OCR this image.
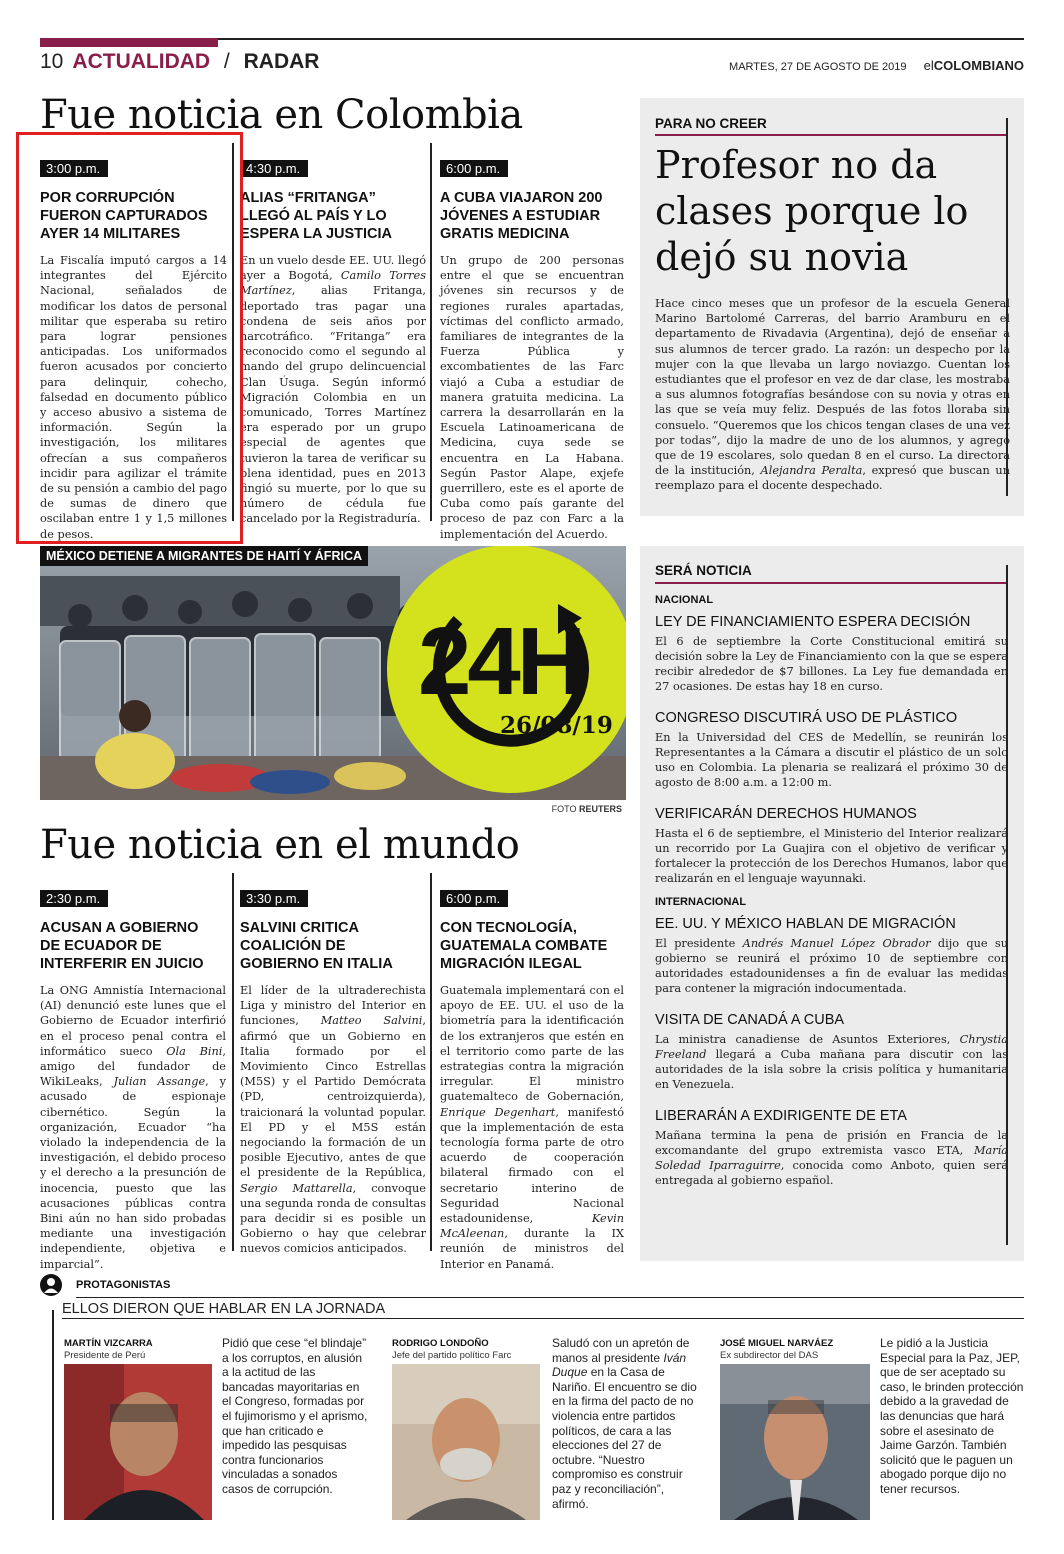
10 ACTUALIDAD / RADAR	MARTES, 27 DE AGOSTO DE 2019 elCOLOMBIANO
Fue noticia en Colombia
3:00 p.m.
POR CORRUPCIÓN
FUERON CAPTURADOS
AYER 14 MILITARES
La Fiscalía imputó cargos a 14 integrantes del Ejército Nacional, señalados de modificar los datos de personal militar que esperaba su retiro para lograr pensiones anticipadas. Los uniformados fueron acusados por concierto para delinquir, cohecho, falsedad en documento público y acceso abusivo a sistema de información. Según la investigación, los militares ofrecían a sus compañeros incidir para agilizar el trámite de su pensión a cambio del pago de sumas de dinero que oscilaban entre 1 y 1,5 millones de pesos.
4:30 p.m.
ALIAS “FRITANGA”
LLEGÓ AL PAÍS Y LO
ESPERA LA JUSTICIA
En un vuelo desde EE. UU. llegó ayer a Bogotá, Camilo Torres Martínez, alias Fritanga, deportado tras pagar una condena de seis años por narcotráfico. “Fritanga” era reconocido como el segundo al mando del grupo delincuencial Clan Úsuga. Según informó Migración Colombia en un comunicado, Torres Martínez era esperado por un grupo especial de agentes que tuvieron la tarea de verificar su plena identidad, pues en 2013 fingió su muerte, por lo que su número de cédula fue cancelado por la Registraduría.
6:00 p.m.
A CUBA VIAJARON 200
JÓVENES A ESTUDIAR
GRATIS MEDICINA
Un grupo de 200 personas entre el que se encuentran jóvenes sin recursos y de regiones rurales apartadas, víctimas del conflicto armado, familiares de integrantes de la Fuerza Pública y excombatientes de las Farc viajó a Cuba a estudiar de manera gratuita medicina. La carrera la desarrollarán en la Escuela Latinoamericana de Medicina, cuya sede se encuentra en La Habana. Según Pastor Alape, exjefe guerrillero, este es el aporte de Cuba como país garante del proceso de paz con Farc a la implementación del Acuerdo.
PARA NO CREER
Profesor no da clases porque lo dejó su novia
Hace cinco meses que un profesor de la escuela General Marino Bartolomé Carreras, del barrio Aramburu en el departamento de Rivadavia (Argentina), dejó de enseñar a sus alumnos de tercer grado. La razón: un despecho por la mujer con la que llevaba un largo noviazgo. Cuentan los estudiantes que el profesor en vez de dar clase, les mostraba a sus alumnos fotografías besándose con su novia y otras en las que se veía muy feliz. Después de las fotos lloraba sin consuelo. “Queremos que los chicos tengan clases de una vez por todas”, dijo la madre de uno de los alumnos, y agregó que de 19 escolares, solo quedan 8 en el curso. La directora de la institución, Alejandra Peralta, expresó que buscan un reemplazo para el docente despechado.
24H
26/08/19
MÉXICO DETIENE A MIGRANTES DE HAITÍ Y ÁFRICA
FOTO REUTERS
SERÁ NOTICIA
NACIONAL
LEY DE FINANCIAMIENTO ESPERA DECISIÓN
El 6 de septiembre la Corte Constitucional emitirá su decisión sobre la Ley de Financiamiento con la que se espera recibir alrededor de $7 billones. La Ley fue demandada en 27 ocasiones. De estas hay 18 en curso.
CONGRESO DISCUTIRÁ USO DE PLÁSTICO
En la Universidad del CES de Medellín, se reunirán los Representantes a la Cámara a discutir el plástico de un solo uso en Colombia. La plenaria se realizará el próximo 30 de agosto de 8:00 a.m. a 12:00 m.
VERIFICARÁN DERECHOS HUMANOS
Hasta el 6 de septiembre, el Ministerio del Interior realizará un recorrido por La Guajira con el objetivo de verificar y fortalecer la protección de los Derechos Humanos, labor que realizarán en el lenguaje wayunnaki.
INTERNACIONAL
EE. UU. Y MÉXICO HABLAN DE MIGRACIÓN
El presidente Andrés Manuel López Obrador dijo que su gobierno se reunirá el próximo 10 de septiembre con autoridades estadounidenses a fin de evaluar las medidas para contener la migración indocumentada.
VISITA DE CANADÁ A CUBA
La ministra canadiense de Asuntos Exteriores, Chrystia Freeland llegará a Cuba mañana para discutir con las autoridades de la isla sobre la crisis política y humanitaria en Venezuela.
LIBERARÁN A EXDIRIGENTE DE ETA
Mañana termina la pena de prisión en Francia de la excomandante del grupo extremista vasco ETA, María Soledad Iparraguirre, conocida como Anboto, quien será entregada al gobierno español.
Fue noticia en el mundo
2:30 p.m.
ACUSAN A GOBIERNO
DE ECUADOR DE
INTERFERIR EN JUICIO
La ONG Amnistía Internacional (AI) denunció este lunes que el Gobierno de Ecuador interfirió en el proceso penal contra el informático sueco Ola Bini, amigo del fundador de WikiLeaks, Julian Assange, y acusado de espionaje cibernético. Según la organización, Ecuador “ha violado la independencia de la investigación, el debido proceso y el derecho a la presunción de inocencia, puesto que las acusaciones públicas contra Bini aún no han sido probadas mediante una investigación independiente, objetiva e imparcial”.
3:30 p.m.
SALVINI CRITICA
COALICIÓN DE
GOBIERNO EN ITALIA
El líder de la ultraderechista Liga y ministro del Interior en funciones, Matteo Salvini, afirmó que un Gobierno en Italia formado por el Movimiento Cinco Estrellas (M5S) y el Partido Demócrata (PD, centroizquierda), traicionará la voluntad popular. El PD y el M5S están negociando la formación de un posible Ejecutivo, antes de que el presidente de la República, Sergio Mattarella, convoque una segunda ronda de consultas para decidir si es posible un Gobierno o hay que celebrar nuevos comicios anticipados.
6:00 p.m.
CON TECNOLOGÍA,
GUATEMALA COMBATE
MIGRACIÓN ILEGAL
Guatemala implementará con el apoyo de EE. UU. el uso de la biometría para la identificación de los extranjeros que estén en el territorio como parte de las estrategias contra la migración irregular. El ministro guatemalteco de Gobernación, Enrique Degenhart, manifestó que la implementación de esta tecnología forma parte de otro acuerdo de cooperación bilateral firmado con el secretario interino de Seguridad Nacional estadounidense, Kevin McAleenan, durante la IX reunión de ministros del Interior en Panamá.
PROTAGONISTAS
ELLOS DIERON QUE HABLAR EN LA JORNADA
MARTÍN VIZCARRA
Presidente de Perú
Pidió que cese “el blindaje” a los corruptos, en alusión a la actitud de las bancadas mayoritarias en el Congreso, formadas por el fujimorismo y el aprismo, que han criticado e impedido las pesquisas contra funcionarios vinculadas a sonados casos de corrupción.
RODRIGO LONDOÑO
Jefe del partido político Farc
Saludó con un apretón de manos al presidente Iván Duque en la Casa de Nariño. El encuentro se dio en la firma del pacto de no violencia entre partidos políticos, de cara a las elecciones del 27 de octubre. “Nuestro compromiso es construir paz y reconciliación”, afirmó.
JOSÉ MIGUEL NARVÁEZ
Ex subdirector del DAS
Le pidió a la Justicia Especial para la Paz, JEP, que de ser aceptado su caso, le brinden protección debido a la gravedad de las denuncias que hará sobre el asesinato de Jaime Garzón. También solicitó que le paguen un abogado porque dijo no tener recursos.
